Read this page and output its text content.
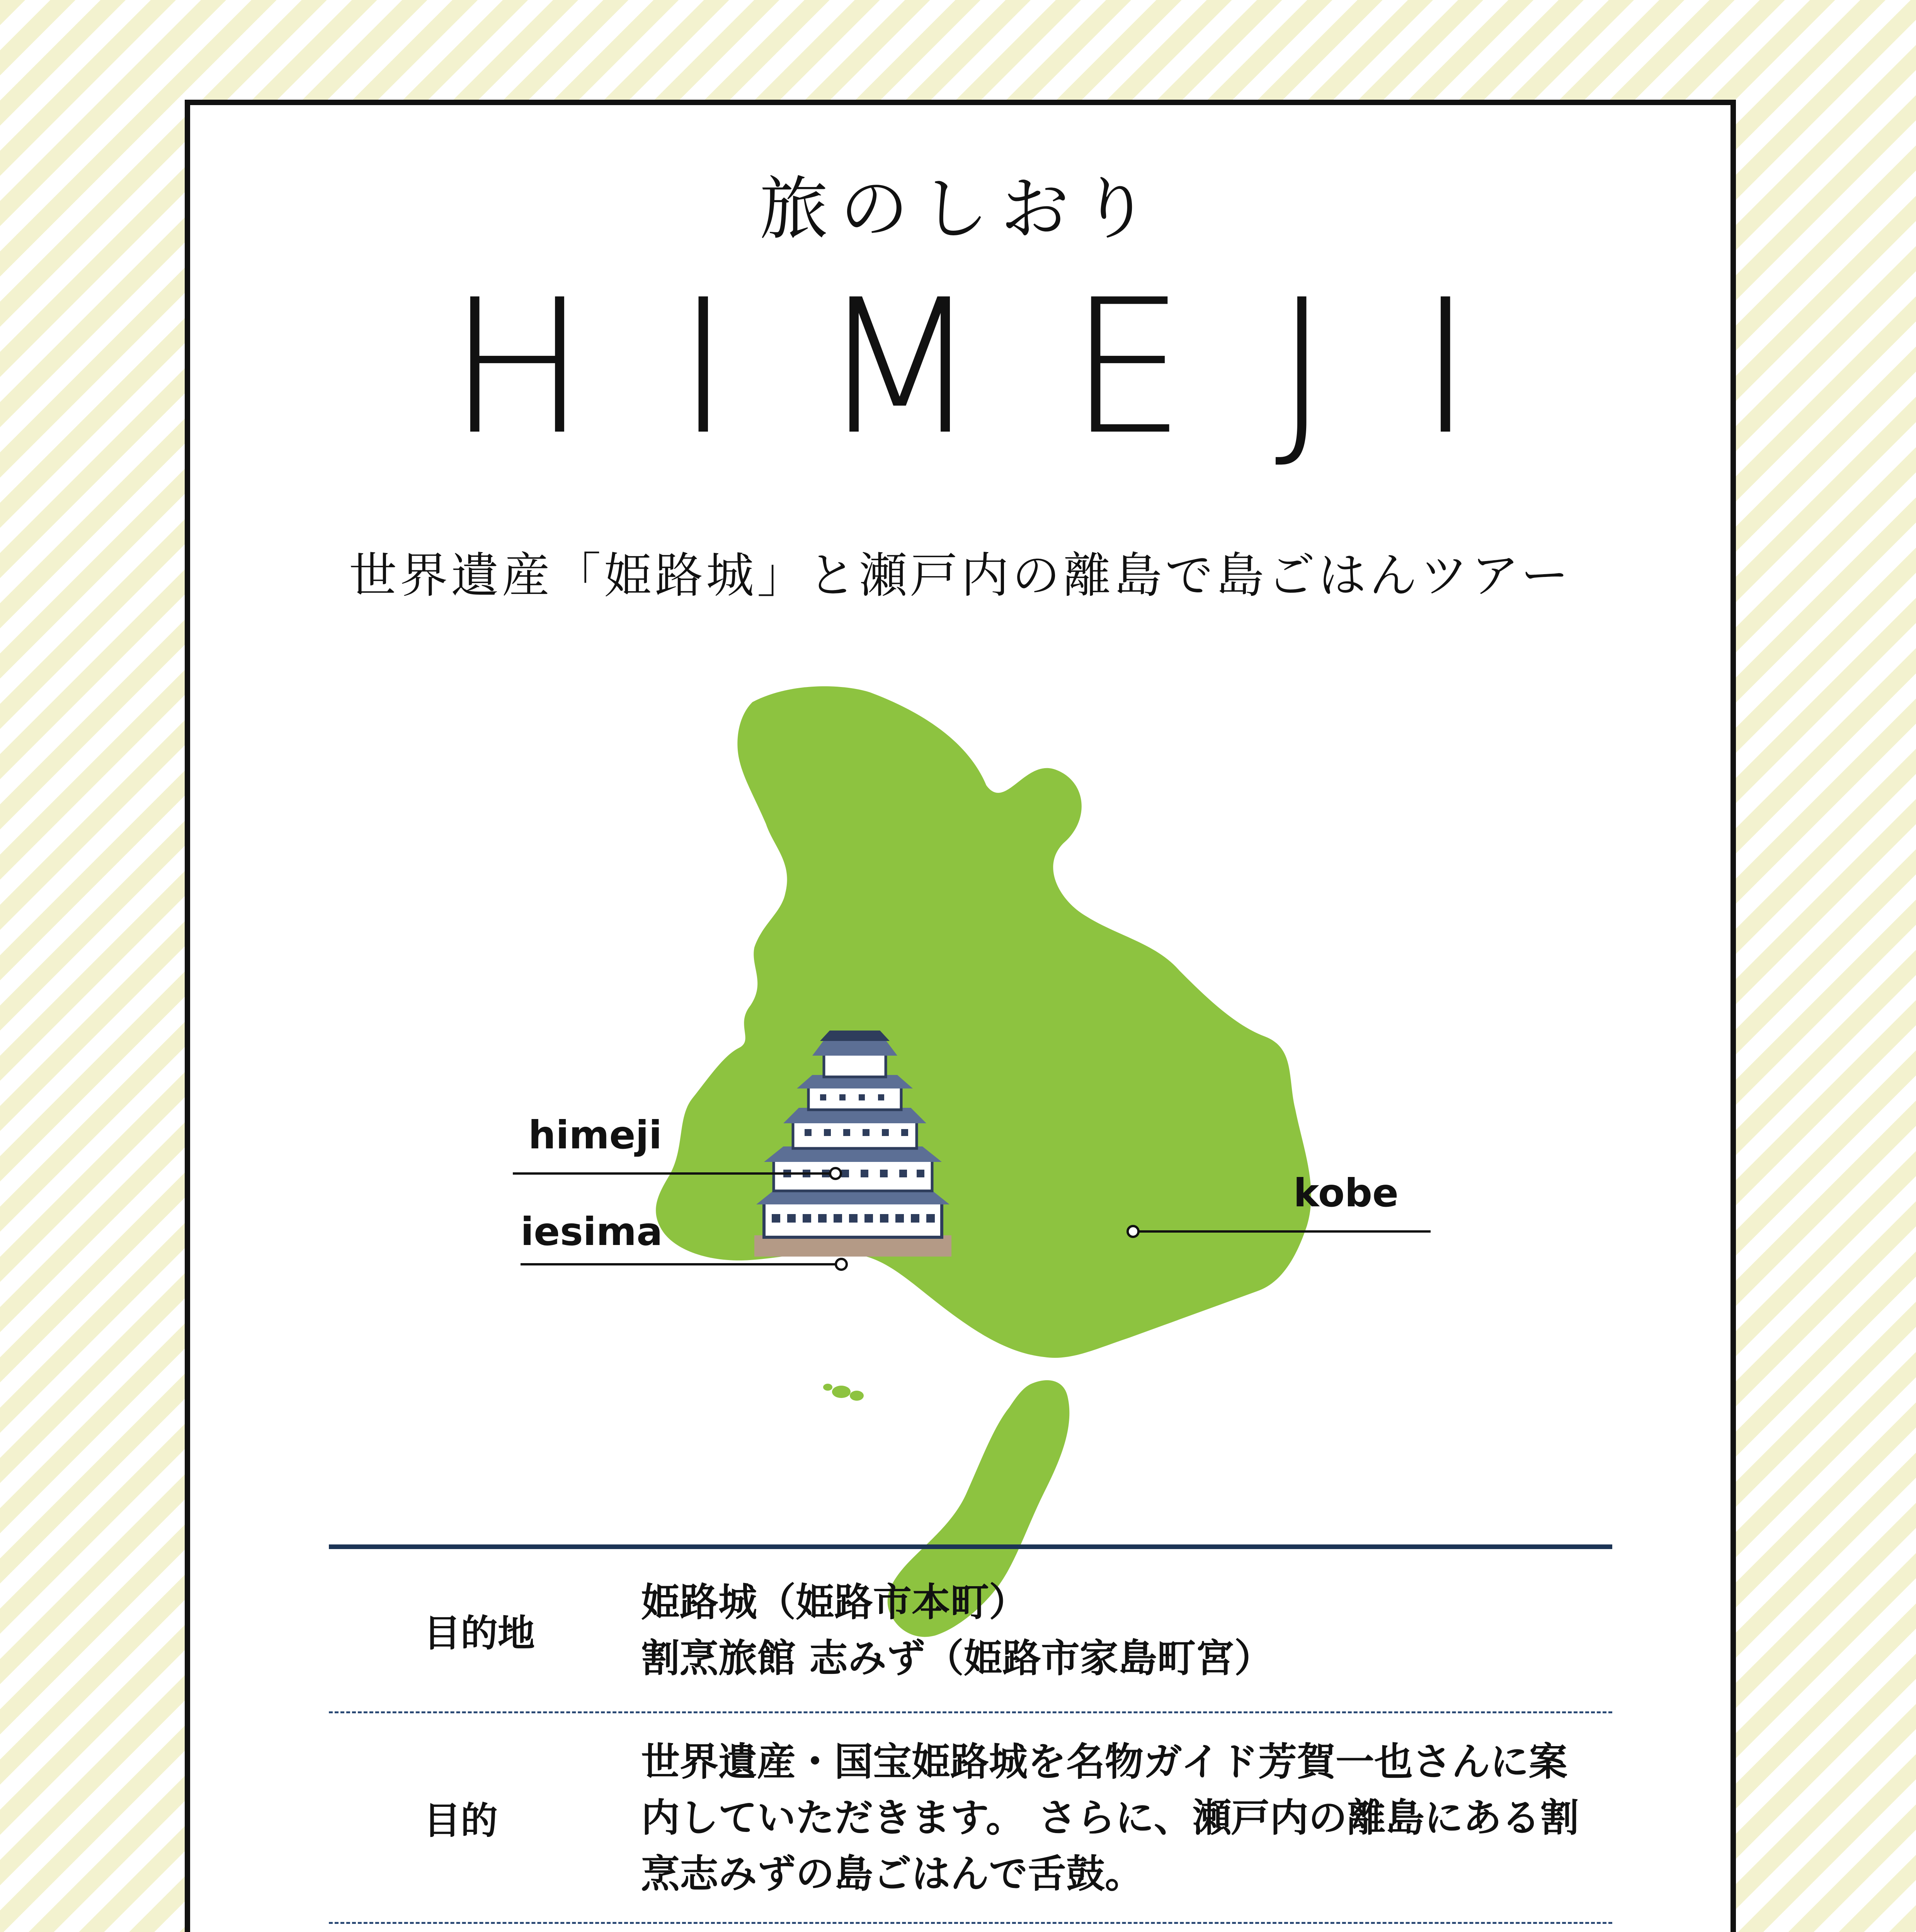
旅のしおり
HIMEJI
世界遺産「姫路城」と瀬戸内の離島で島ごはんツアー
himeji
iesima
kobe
目的地
姫路城（姫路市本町）
割烹旅館 志みず（姫路市家島町宮）
目的
世界遺産・国宝姫路城を名物ガイド芳賀一也さんに案
内していただきます。 さらに、瀬戸内の離島にある割
烹志みずの島ごはんで舌鼓。
